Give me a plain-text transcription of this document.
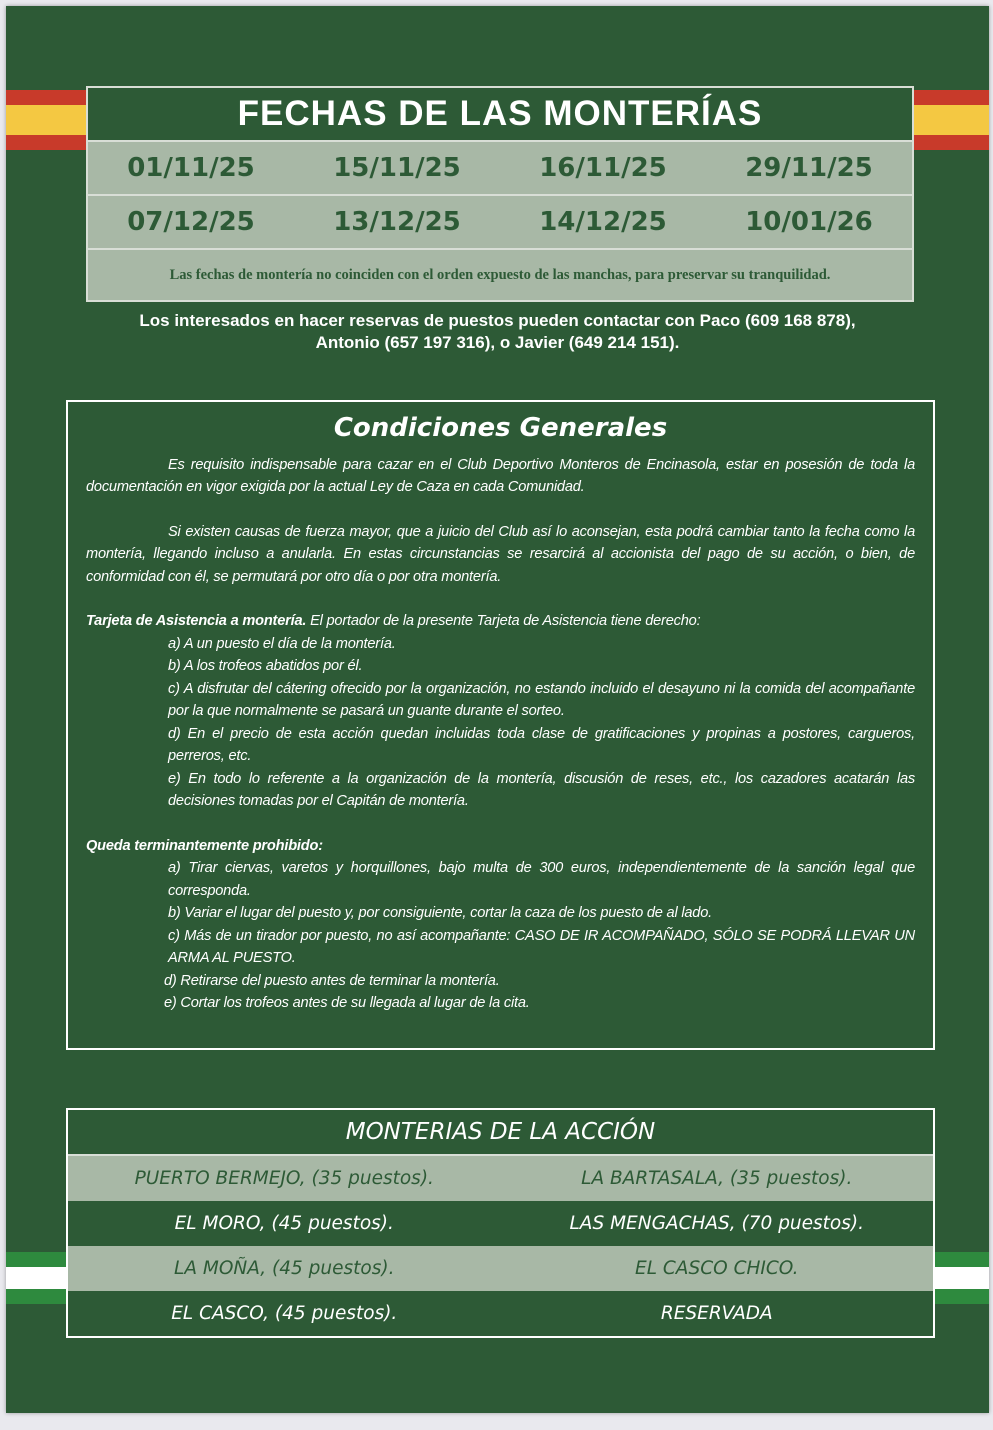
FECHAS DE LAS MONTERÍAS
01/11/25	15/11/25	16/11/25	29/11/25
07/12/25	13/12/25	14/12/25	10/01/26
Las fechas de montería no coinciden con el orden expuesto de las manchas, para preservar su tranquilidad.
Los interesados en hacer reservas de puestos pueden contactar con Paco (609 168 878),
Antonio (657 197 316), o Javier (649 214 151).
Condiciones Generales

Es requisito indispensable para cazar en el Club Deportivo Monteros de Encinasola, estar en posesión de toda la documentación en vigor exigida por la actual Ley de Caza en cada Comunidad.

Si existen causas de fuerza mayor, que a juicio del Club así lo aconsejan, esta podrá cambiar tanto la fecha como la montería, llegando incluso a anularla. En estas circunstancias se resarcirá al accionista del pago de su acción, o bien, de conformidad con él, se permutará por otro día o por otra montería.

Tarjeta de Asistencia a montería. El portador de la presente Tarjeta de Asistencia tiene derecho:

a) A un puesto el día de la montería.
b) A los trofeos abatidos por él.
c) A disfrutar del cátering ofrecido por la organización, no estando incluido el desayuno ni la comida del acompañante por la que normalmente se pasará un guante durante el sorteo.
d) En el precio de esta acción quedan incluidas toda clase de gratificaciones y propinas a postores, cargueros, perreros, etc.
e) En todo lo referente a la organización de la montería, discusión de reses, etc., los cazadores acatarán las decisiones tomadas por el Capitán de montería.

Queda terminantemente prohibido:

a) Tirar ciervas, varetos y horquillones, bajo multa de 300 euros, independientemente de la sanción legal que corresponda.
b) Variar el lugar del puesto y, por consiguiente, cortar la caza de los puesto de al lado.
c) Más de un tirador por puesto, no así acompañante: CASO DE IR ACOMPAÑADO, SÓLO SE PODRÁ LLEVAR UN ARMA AL PUESTO.
d) Retirarse del puesto antes de terminar la montería.
e) Cortar los trofeos antes de su llegada al lugar de la cita.
MONTERIAS DE LA ACCIÓN
PUERTO BERMEJO, (35 puestos).	LA BARTASALA, (35 puestos).
EL MORO, (45 puestos).	LAS MENGACHAS, (70 puestos).
LA MOÑA, (45 puestos).	EL CASCO CHICO.
EL CASCO, (45 puestos).	RESERVADA
